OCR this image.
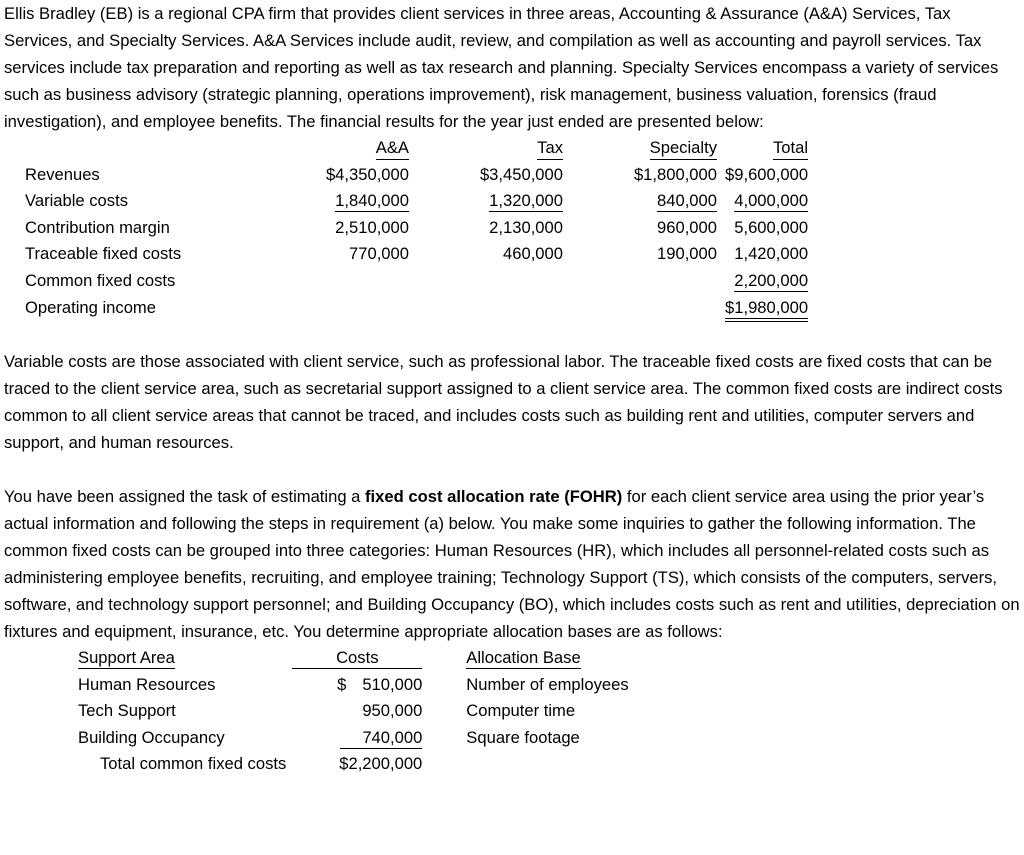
Ellis Bradley (EB) is a regional CPA firm that provides client services in three areas, Accounting & Assurance (A&A) Services, Tax Services, and Specialty Services. A&A Services include audit, review, and compilation as well as accounting and payroll services. Tax services include tax preparation and reporting as well as tax research and planning. Specialty Services encompass a variety of services such as business advisory (strategic planning, operations improvement), risk management, business valuation, forensics (fraud investigation), and employee benefits. The financial results for the year just ended are presented below:

	A&A	Tax	Specialty	Total
Revenues	$4,350,000	$3,450,000	$1,800,000	$9,600,000
Variable costs	1,840,000	1,320,000	840,000	4,000,000
Contribution margin	2,510,000	2,130,000	960,000	5,600,000
Traceable fixed costs	770,000	460,000	190,000	1,420,000
Common fixed costs				2,200,000
Operating income				$1,980,000

Variable costs are those associated with client service, such as professional labor. The traceable fixed costs are fixed costs that can be traced to the client service area, such as secretarial support assigned to a client service area. The common fixed costs are indirect costs common to all client service areas that cannot be traced, and includes costs such as building rent and utilities, computer servers and support, and human resources.

You have been assigned the task of estimating a fixed cost allocation rate (FOHR) for each client service area using the prior year’s actual information and following the steps in requirement (a) below. You make some inquiries to gather the following information. The common fixed costs can be grouped into three categories: Human Resources (HR), which includes all personnel-related costs such as administering employee benefits, recruiting, and employee training; Technology Support (TS), which consists of the computers, servers, software, and technology support personnel; and Building Occupancy (BO), which includes costs such as rent and utilities, depreciation on fixtures and equipment, insurance, etc. You determine appropriate allocation bases are as follows:

Support Area	Costs	Allocation Base
Human Resources	$ 510,000	Number of employees
Tech Support	950,000	Computer time
Building Occupancy	740,000	Square footage
Total common fixed costs	$2,200,000	
